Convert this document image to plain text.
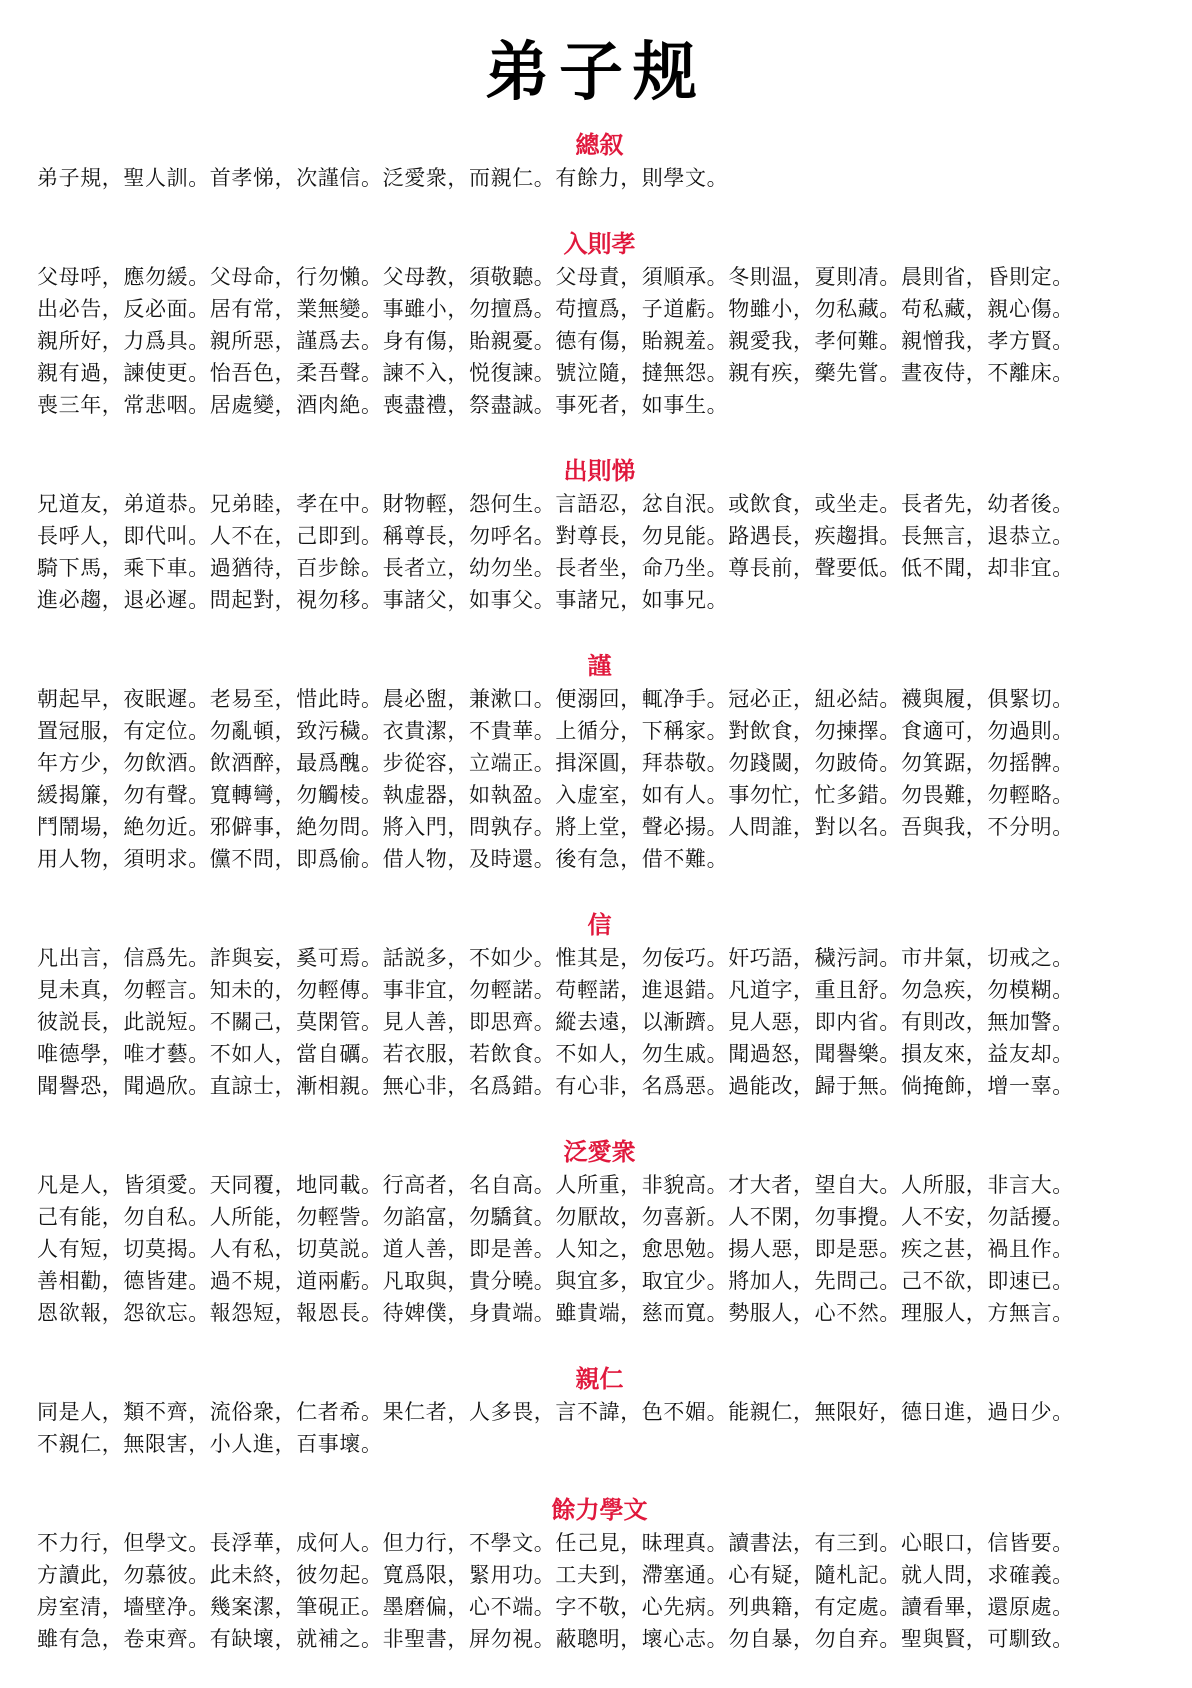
弟子规
總叙
弟子規，聖人訓。首孝悌，次謹信。泛愛衆，而親仁。有餘力，則學文。
入則孝
父母呼，應勿緩。父母命，行勿懶。父母教，須敬聽。父母責，須順承。冬則温，夏則凊。晨則省，昏則定。
出必告，反必面。居有常，業無變。事雖小，勿擅爲。苟擅爲，子道虧。物雖小，勿私藏。苟私藏，親心傷。
親所好，力爲具。親所惡，謹爲去。身有傷，貽親憂。德有傷，貽親羞。親愛我，孝何難。親憎我，孝方賢。
親有過，諫使更。怡吾色，柔吾聲。諫不入，悦復諫。號泣隨，撻無怨。親有疾，藥先嘗。晝夜侍，不離床。
喪三年，常悲咽。居處變，酒肉絶。喪盡禮，祭盡誠。事死者，如事生。
出則悌
兄道友，弟道恭。兄弟睦，孝在中。財物輕，怨何生。言語忍，忿自泯。或飲食，或坐走。長者先，幼者後。
長呼人，即代叫。人不在，己即到。稱尊長，勿呼名。對尊長，勿見能。路遇長，疾趨揖。長無言，退恭立。
騎下馬，乘下車。過猶待，百步餘。長者立，幼勿坐。長者坐，命乃坐。尊長前，聲要低。低不聞，却非宜。
進必趨，退必遲。問起對，視勿移。事諸父，如事父。事諸兄，如事兄。
謹
朝起早，夜眠遲。老易至，惜此時。晨必盥，兼漱口。便溺回，輒净手。冠必正，紐必結。襪與履，俱緊切。
置冠服，有定位。勿亂頓，致污穢。衣貴潔，不貴華。上循分，下稱家。對飲食，勿揀擇。食適可，勿過則。
年方少，勿飲酒。飲酒醉，最爲醜。步從容，立端正。揖深圓，拜恭敬。勿踐閾，勿跛倚。勿箕踞，勿摇髀。
緩揭簾，勿有聲。寬轉彎，勿觸棱。執虚器，如執盈。入虚室，如有人。事勿忙，忙多錯。勿畏難，勿輕略。
鬥鬧場，絶勿近。邪僻事，絶勿問。將入門，問孰存。將上堂，聲必揚。人問誰，對以名。吾與我，不分明。
用人物，須明求。儻不問，即爲偷。借人物，及時還。後有急，借不難。
信
凡出言，信爲先。詐與妄，奚可焉。話説多，不如少。惟其是，勿佞巧。奸巧語，穢污詞。市井氣，切戒之。
見未真，勿輕言。知未的，勿輕傳。事非宜，勿輕諾。苟輕諾，進退錯。凡道字，重且舒。勿急疾，勿模糊。
彼説長，此説短。不關己，莫閑管。見人善，即思齊。縱去遠，以漸躋。見人惡，即内省。有則改，無加警。
唯德學，唯才藝。不如人，當自礪。若衣服，若飲食。不如人，勿生戚。聞過怒，聞譽樂。損友來，益友却。
聞譽恐，聞過欣。直諒士，漸相親。無心非，名爲錯。有心非，名爲惡。過能改，歸于無。倘掩飾，增一辜。
泛愛衆
凡是人，皆須愛。天同覆，地同載。行高者，名自高。人所重，非貌高。才大者，望自大。人所服，非言大。
己有能，勿自私。人所能，勿輕訾。勿諂富，勿驕貧。勿厭故，勿喜新。人不閑，勿事攪。人不安，勿話擾。
人有短，切莫揭。人有私，切莫説。道人善，即是善。人知之，愈思勉。揚人惡，即是惡。疾之甚，禍且作。
善相勸，德皆建。過不規，道兩虧。凡取與，貴分曉。與宜多，取宜少。將加人，先問己。己不欲，即速已。
恩欲報，怨欲忘。報怨短，報恩長。待婢僕，身貴端。雖貴端，慈而寬。勢服人，心不然。理服人，方無言。
親仁
同是人，類不齊，流俗衆，仁者希。果仁者，人多畏，言不諱，色不媚。能親仁，無限好，德日進，過日少。
不親仁，無限害，小人進，百事壞。
餘力學文
不力行，但學文。長浮華，成何人。但力行，不學文。任己見，昧理真。讀書法，有三到。心眼口，信皆要。
方讀此，勿慕彼。此未終，彼勿起。寬爲限，緊用功。工夫到，滯塞通。心有疑，隨札記。就人問，求確義。
房室清，墻壁净。幾案潔，筆硯正。墨磨偏，心不端。字不敬，心先病。列典籍，有定處。讀看畢，還原處。
雖有急，卷束齊。有缺壞，就補之。非聖書，屏勿視。蔽聰明，壞心志。勿自暴，勿自弃。聖與賢，可馴致。
